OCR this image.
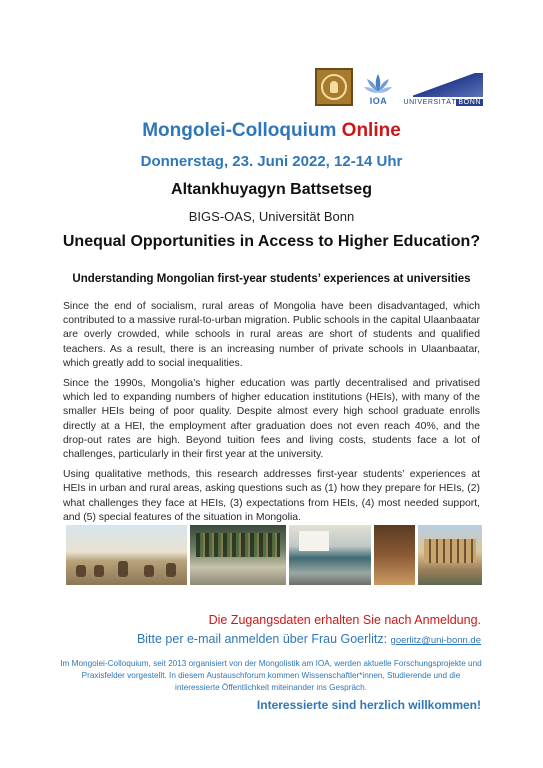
IOA UNIVERSITÄT BONN
Mongolei-Colloquium Online
Donnerstag, 23. Juni 2022, 12-14 Uhr
Altankhuyagyn Battsetseg
BIGS-OAS, Universität Bonn
Unequal Opportunities in Access to Higher Education?
Understanding Mongolian first-year students’ experiences at universities

Since the end of socialism, rural areas of Mongolia have been disadvantaged, which contributed to a massive rural-to-urban migration. Public schools in the capital Ulaanbaatar are overly crowded, while schools in rural areas are short of students and qualified teachers. As a result, there is an increasing number of private schools in Ulaanbaatar, which greatly add to social inequalities.

Since the 1990s, Mongolia’s higher education was partly decentralised and privatised which led to expanding numbers of higher education institutions (HEIs), with many of the smaller HEIs being of poor quality. Despite almost every high school graduate enrolls directly at a HEI, the employment after graduation does not even reach 40%, and the drop-out rates are high. Beyond tuition fees and living costs, students face a lot of challenges, particularly in their first year at the university.

Using qualitative methods, this research addresses first-year students’ experiences at HEIs in urban and rural areas, asking questions such as (1) how they prepare for HEIs, (2) what challenges they face at HEIs, (3) expectations from HEIs, (4) most needed support, and (5) special features of the situation in Mongolia.

Die Zugangsdaten erhalten Sie nach Anmeldung.
Bitte per e-mail anmelden über Frau Goerlitz: goerlitz@uni-bonn.de
Im Mongolei-Colloquium, seit 2013 organisiert von der Mongolistik am IOA, werden aktuelle Forschungsprojekte und Praxisfelder vorgestellt. In diesem Austauschforum kommen Wissenschaftler*innen, Studierende und die interessierte Öffentlichkeit miteinander ins Gespräch.
Interessierte sind herzlich willkommen!
